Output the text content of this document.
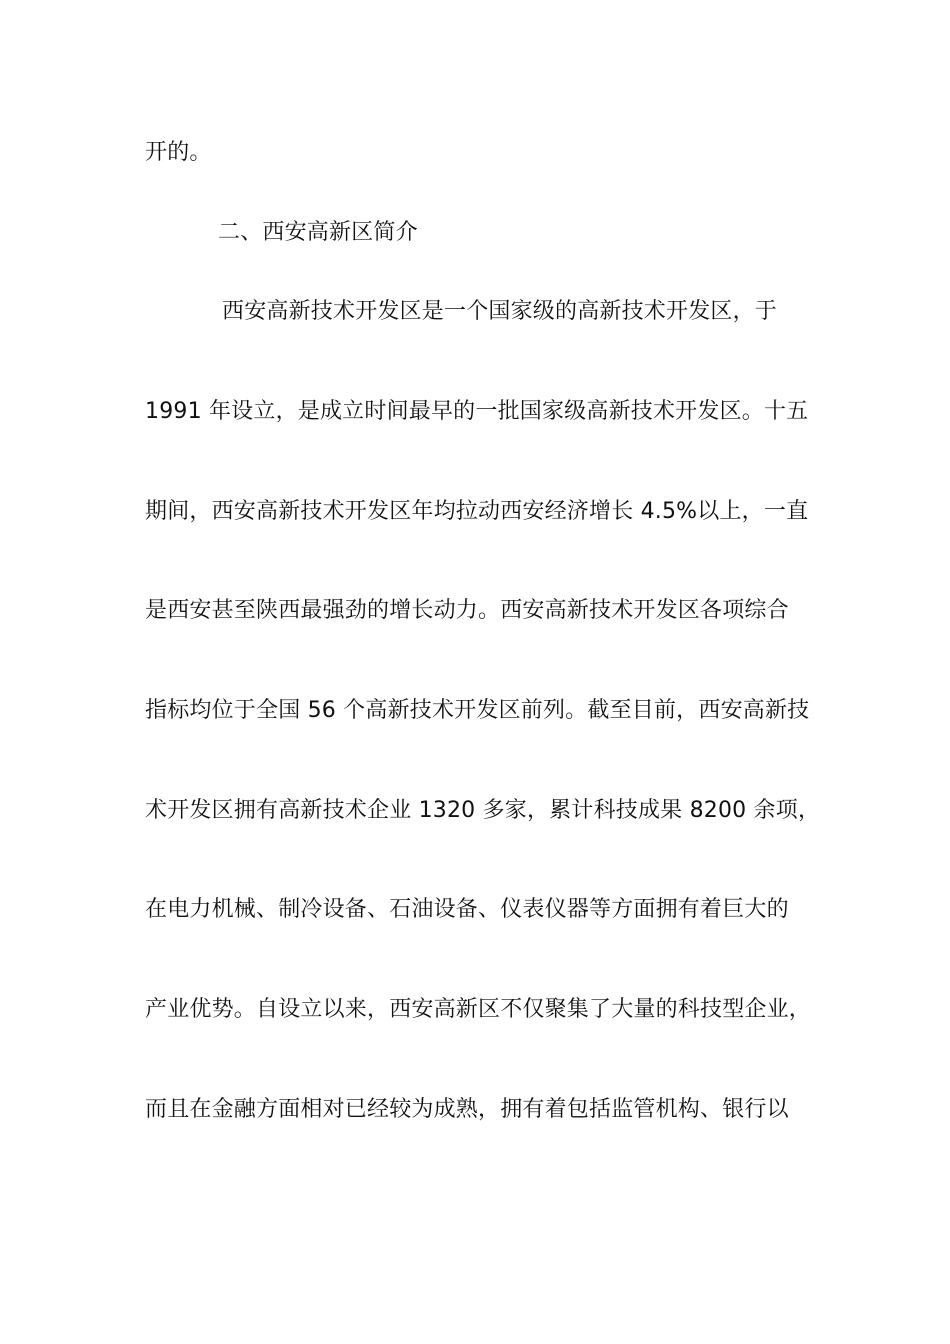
开的。
二、西安高新区简介
西安高新技术开发区是一个国家级的高新技术开发区，于
1991 年设立，是成立时间最早的一批国家级高新技术开发区。十五
期间，西安高新技术开发区年均拉动西安经济增长 4.5%以上，一直
是西安甚至陕西最强劲的增长动力。西安高新技术开发区各项综合
指标均位于全国 56 个高新技术开发区前列。截至目前，西安高新技
术开发区拥有高新技术企业 1320 多家，累计科技成果 8200 余项，
在电力机械、制冷设备、石油设备、仪表仪器等方面拥有着巨大的
产业优势。自设立以来，西安高新区不仅聚集了大量的科技型企业，
而且在金融方面相对已经较为成熟，拥有着包括监管机构、银行以
